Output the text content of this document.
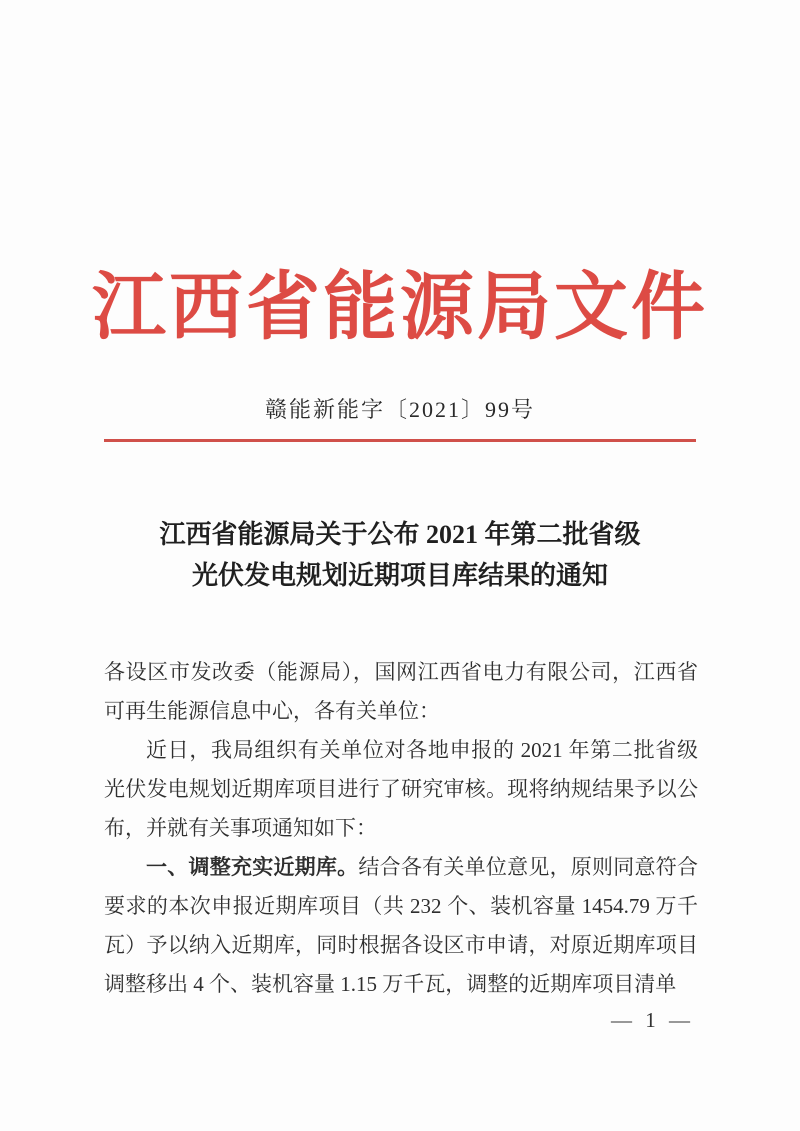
江西省能源局文件
赣能新能字〔2021〕99号
江西省能源局关于公布 2021 年第二批省级
光伏发电规划近期项目库结果的通知

各设区市发改委（能源局），国网江西省电力有限公司，江西省可再生能源信息中心，各有关单位：

近日，我局组织有关单位对各地申报的 2021 年第二批省级光伏发电规划近期库项目进行了研究审核。现将纳规结果予以公布，并就有关事项通知如下：

一、调整充实近期库。结合各有关单位意见，原则同意符合要求的本次申报近期库项目（共 232 个、装机容量 1454.79 万千瓦）予以纳入近期库，同时根据各设区市申请，对原近期库项目调整移出 4 个、装机容量 1.15 万千瓦，调整的近期库项目清单

— 1 —
